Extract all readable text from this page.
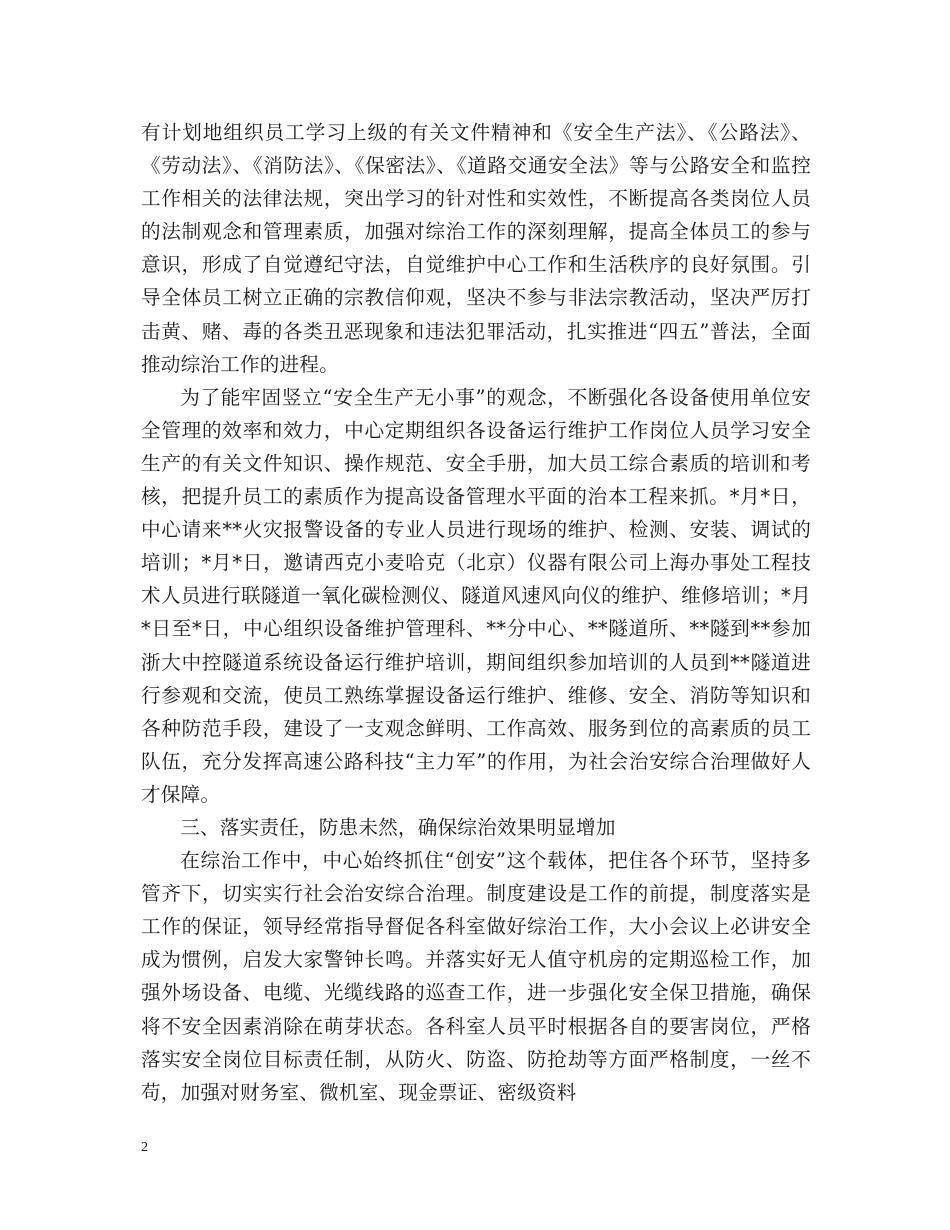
有计划地组织员工学习上级的有关文件精神和《安全生产法》、《公路法》、《劳动法》、《消防法》、《保密法》、《道路交通安全法》等与公路安全和监控工作相关的法律法规，突出学习的针对性和实效性，不断提高各类岗位人员的法制观念和管理素质，加强对综治工作的深刻理解，提高全体员工的参与意识，形成了自觉遵纪守法，自觉维护中心工作和生活秩序的良好氛围。引导全体员工树立正确的宗教信仰观，坚决不参与非法宗教活动，坚决严厉打击黄、赌、毒的各类丑恶现象和违法犯罪活动，扎实推进“四五”普法，全面推动综治工作的进程。

为了能牢固竖立“安全生产无小事”的观念，不断强化各设备使用单位安全管理的效率和效力，中心定期组织各设备运行维护工作岗位人员学习安全生产的有关文件知识、操作规范、安全手册，加大员工综合素质的培训和考核，把提升员工的素质作为提高设备管理水平面的治本工程来抓。*月*日，中心请来**火灾报警设备的专业人员进行现场的维护、检测、安装、调试的培训；*月*日，邀请西克小麦哈克（北京）仪器有限公司上海办事处工程技术人员进行联隧道一氧化碳检测仪、隧道风速风向仪的维护、维修培训；*月*日至*日，中心组织设备维护管理科、**分中心、**隧道所、**隧到**参加浙大中控隧道系统设备运行维护培训，期间组织参加培训的人员到**隧道进行参观和交流，使员工熟练掌握设备运行维护、维修、安全、消防等知识和各种防范手段，建设了一支观念鲜明、工作高效、服务到位的高素质的员工队伍，充分发挥高速公路科技“主力军”的作用，为社会治安综合治理做好人才保障。

三、落实责任，防患未然，确保综治效果明显增加

在综治工作中，中心始终抓住“创安”这个载体，把住各个环节，坚持多管齐下，切实实行社会治安综合治理。制度建设是工作的前提，制度落实是工作的保证，领导经常指导督促各科室做好综治工作，大小会议上必讲安全成为惯例，启发大家警钟长鸣。并落实好无人值守机房的定期巡检工作，加强外场设备、电缆、光缆线路的巡查工作，进一步强化安全保卫措施，确保将不安全因素消除在萌芽状态。各科室人员平时根据各自的要害岗位，严格落实安全岗位目标责任制，从防火、防盗、防抢劫等方面严格制度，一丝不苟，加强对财务室、微机室、现金票证、密级资料

2
